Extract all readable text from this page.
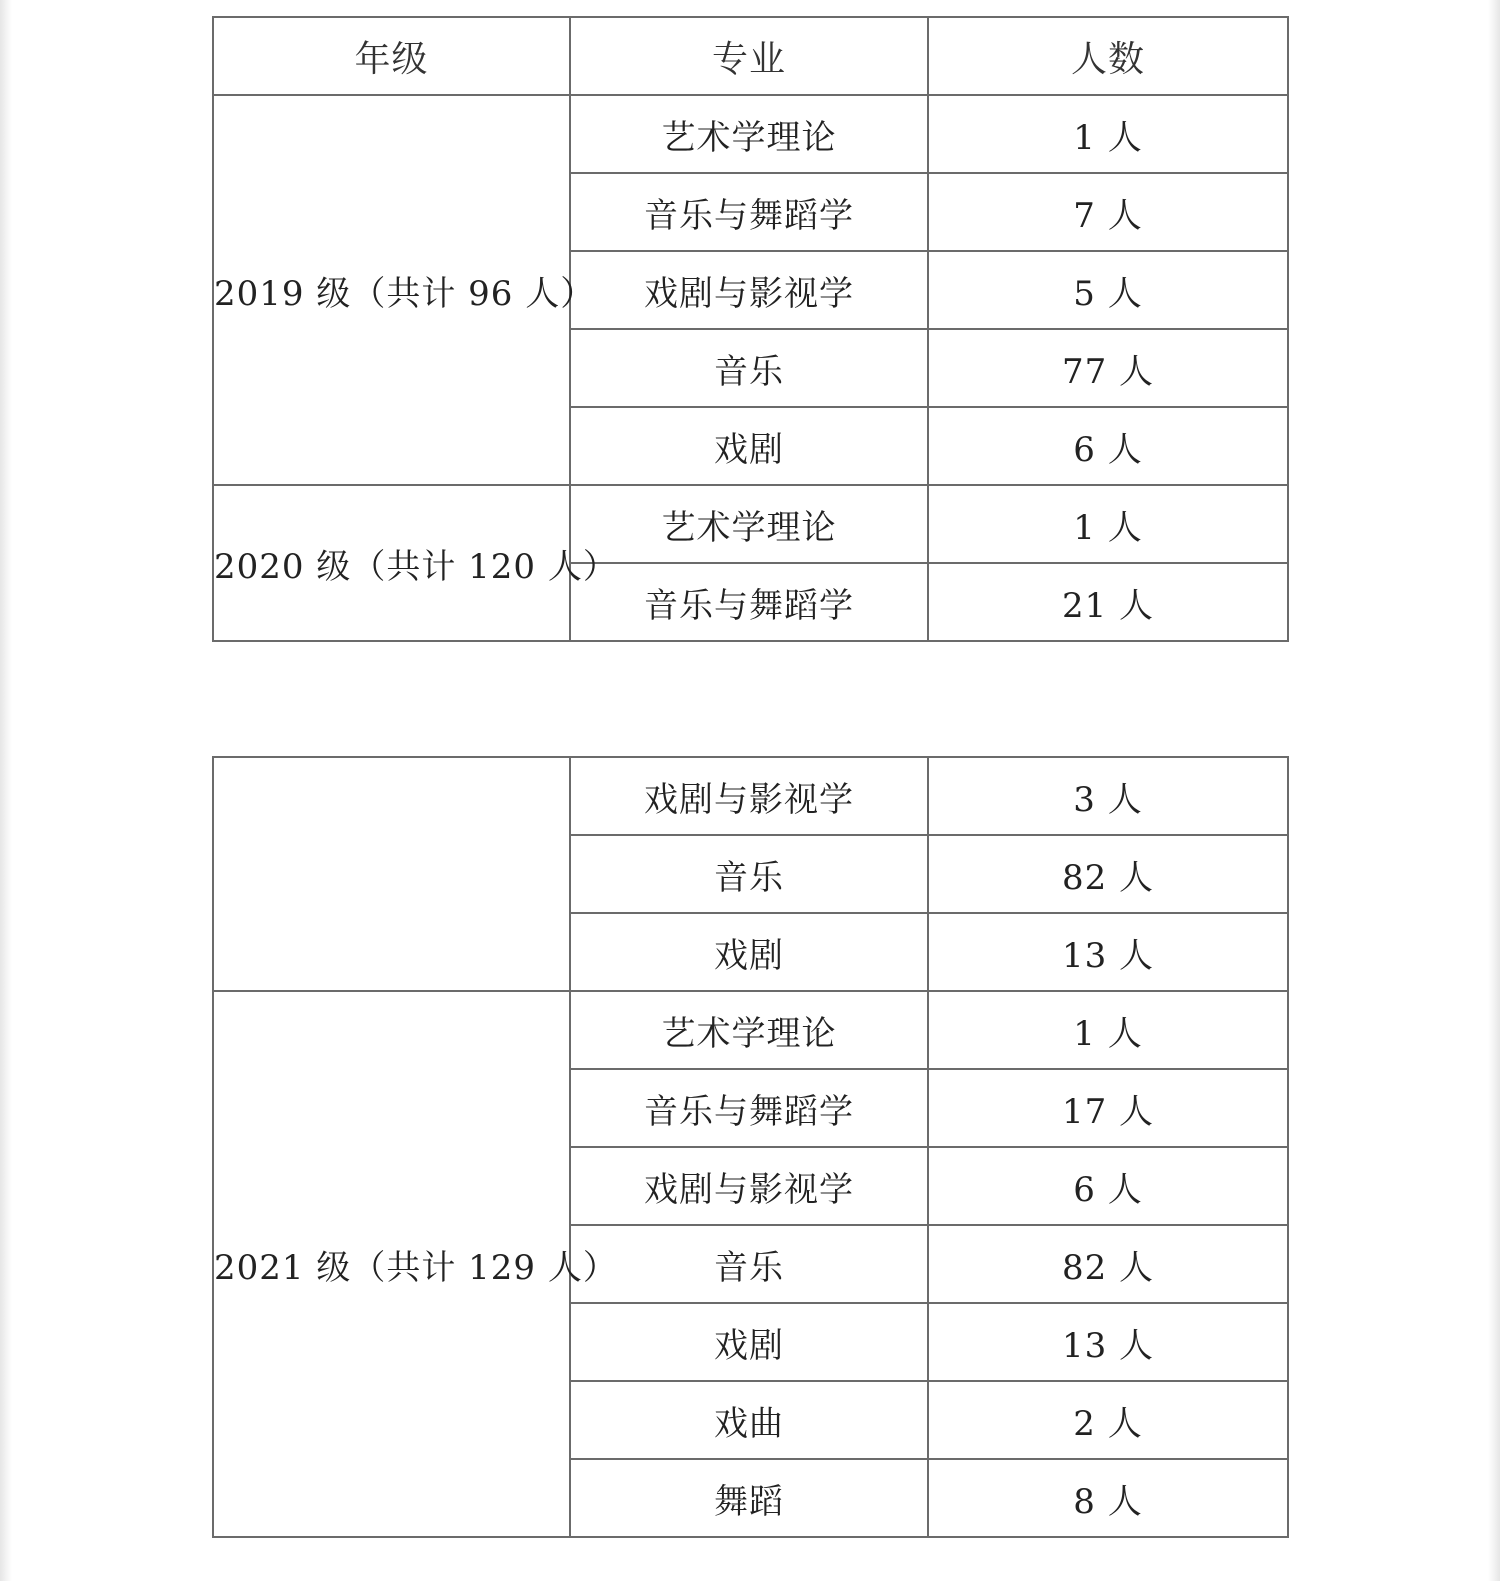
年级	专业	人数
2019 级（共计 96 人）	艺术学理论	1 人
	音乐与舞蹈学	7 人
	戏剧与影视学	5 人
	音乐	77 人
	戏剧	6 人
2020 级（共计 120 人）	艺术学理论	1 人
	音乐与舞蹈学	21 人
	戏剧与影视学	3 人
	音乐	82 人
	戏剧	13 人
2021 级（共计 129 人）	艺术学理论	1 人
	音乐与舞蹈学	17 人
	戏剧与影视学	6 人
	音乐	82 人
	戏剧	13 人
	戏曲	2 人
	舞蹈	8 人
